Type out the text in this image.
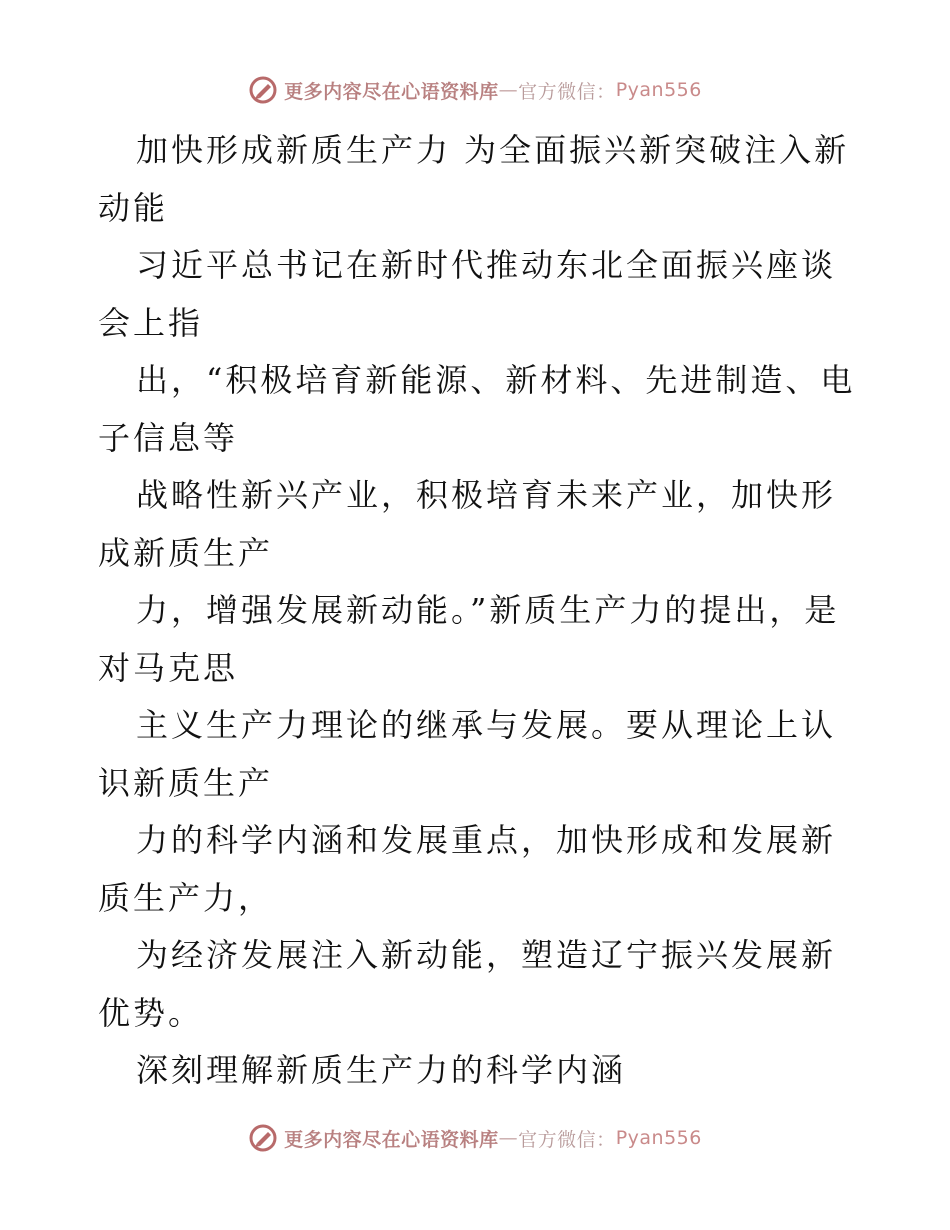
更多内容尽在心语资料库 — 官方微信： Pyan556

加快形成新质生产力 为全面振兴新突破注入新动能

习近平总书记在新时代推动东北全面振兴座谈会上指

出，“积极培育新能源、新材料、先进制造、电子信息等

战略性新兴产业，积极培育未来产业，加快形成新质生产

力，增强发展新动能。”新质生产力的提出，是对马克思

主义生产力理论的继承与发展。要从理论上认识新质生产

力的科学内涵和发展重点，加快形成和发展新质生产力，

为经济发展注入新动能，塑造辽宁振兴发展新优势。

深刻理解新质生产力的科学内涵

更多内容尽在心语资料库 — 官方微信： Pyan556
